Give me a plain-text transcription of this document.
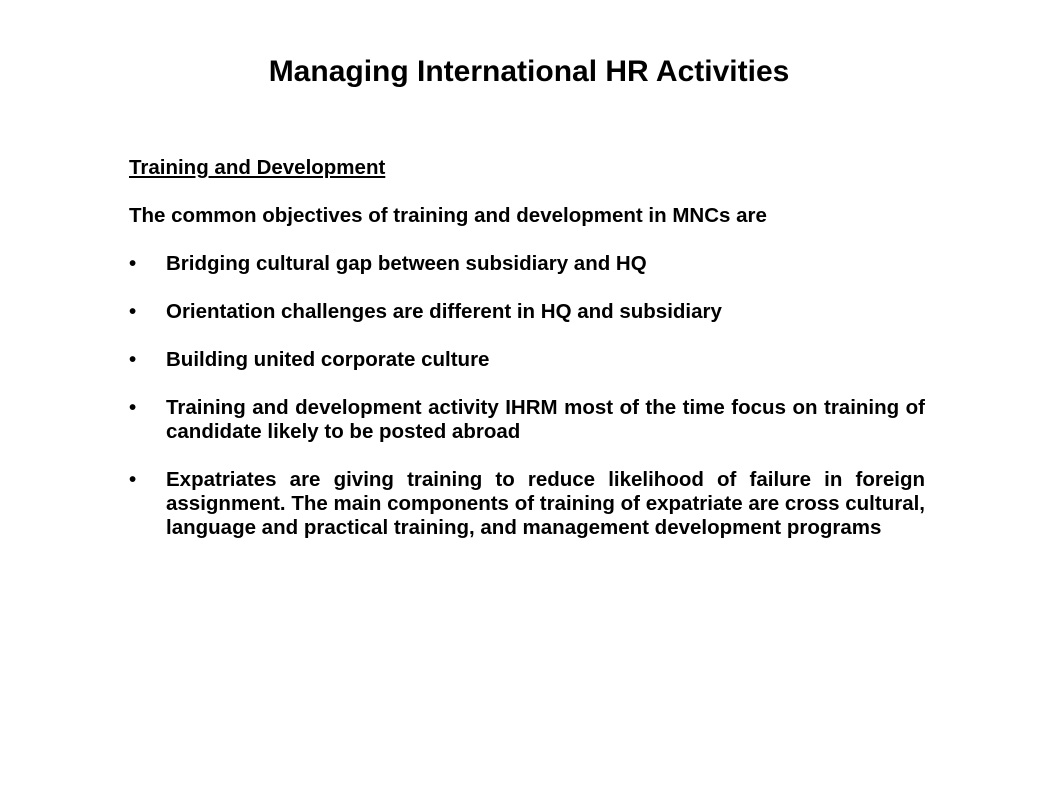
Managing International HR Activities

Training and Development

The common objectives of training and development in MNCs are

• Bridging cultural gap between subsidiary and HQ
• Orientation challenges are different in HQ and subsidiary
• Building united corporate culture
• Training and development activity IHRM most of the time focus on training of candidate likely to be posted abroad
• Expatriates are giving training to reduce likelihood of failure in foreign assignment. The main components of training of expatriate are cross cultural, language and practical training, and management development programs
